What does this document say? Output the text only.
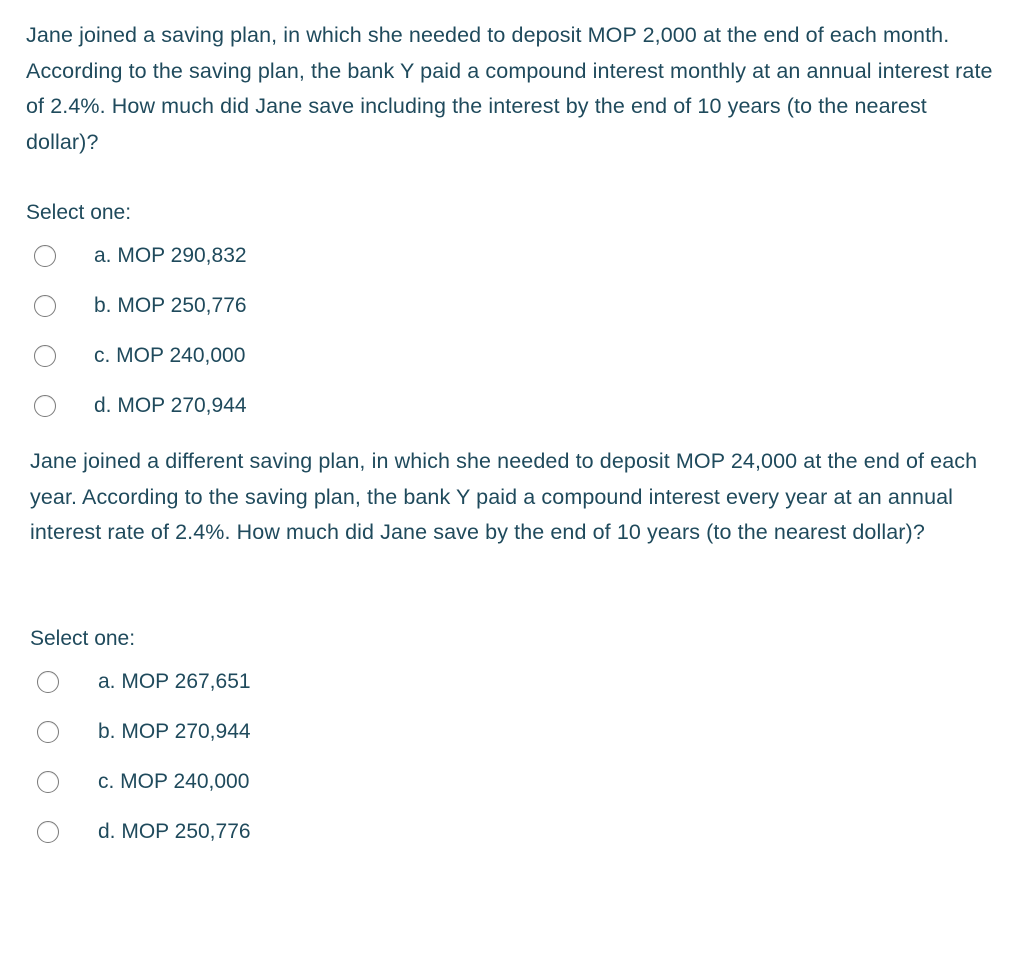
Jane joined a saving plan, in which she needed to deposit MOP 2,000 at the end of each month. According to the saving plan, the bank Y paid a compound interest monthly at an annual interest rate of 2.4%. How much did Jane save including the interest by the end of 10 years (to the nearest dollar)?

Select one:
a. MOP 290,832
b. MOP 250,776
c. MOP 240,000
d. MOP 270,944

Jane joined a different saving plan, in which she needed to deposit MOP 24,000 at the end of each year. According to the saving plan, the bank Y paid a compound interest every year at an annual interest rate of 2.4%. How much did Jane save by the end of 10 years (to the nearest dollar)?

Select one:
a. MOP 267,651
b. MOP 270,944
c. MOP 240,000
d. MOP 250,776
